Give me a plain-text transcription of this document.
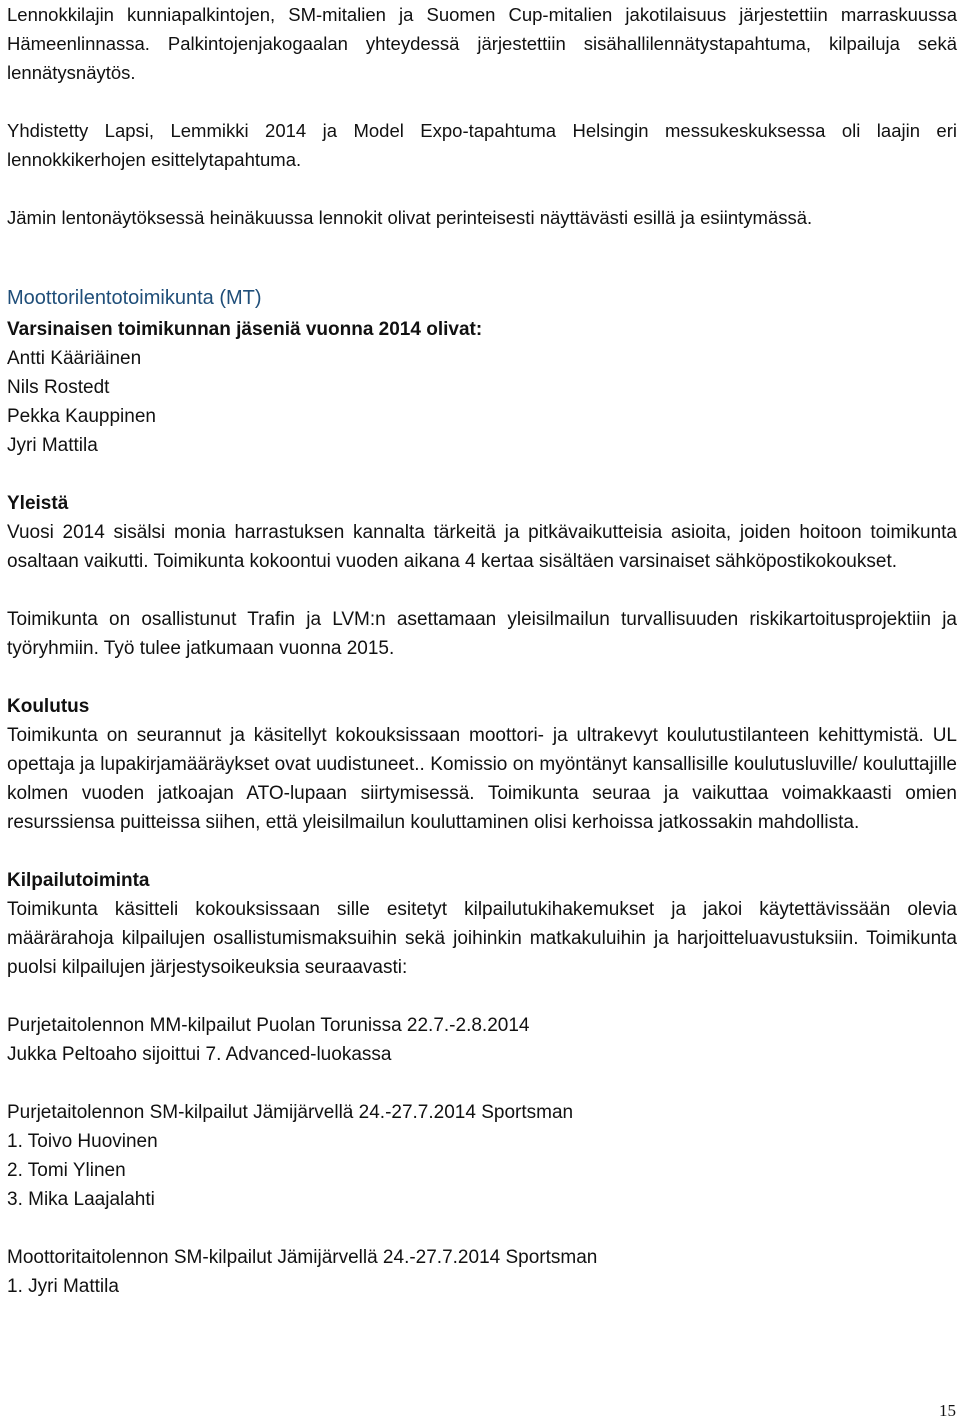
Lennokkilajin kunniapalkintojen, SM-mitalien ja Suomen Cup-mitalien jakotilaisuus järjestettiin marraskuussa Hämeenlinnassa. Palkintojenjakogaalan yhteydessä järjestettiin sisähallilennätystapahtuma, kilpailuja sekä lennätysnäytös.

Yhdistetty Lapsi, Lemmikki 2014 ja Model Expo-tapahtuma Helsingin messukeskuksessa oli laajin eri lennokkikerhojen esittelytapahtuma.

Jämin lentonäytöksessä heinäkuussa lennokit olivat perinteisesti näyttävästi esillä ja esiintymässä.

Moottorilentotoimikunta (MT)

Varsinaisen toimikunnan jäseniä vuonna 2014 olivat:

Antti Kääriäinen
Nils Rostedt
Pekka Kauppinen
Jyri Mattila

Yleistä

Vuosi 2014 sisälsi monia harrastuksen kannalta tärkeitä ja pitkävaikutteisia asioita, joiden hoitoon toimikunta osaltaan vaikutti. Toimikunta kokoontui vuoden aikana 4 kertaa sisältäen varsinaiset sähköpostikokoukset.

Toimikunta on osallistunut Trafin ja LVM:n asettamaan yleisilmailun turvallisuuden riskikartoitusprojektiin ja työryhmiin. Työ tulee jatkumaan vuonna 2015.

Koulutus

Toimikunta on seurannut ja käsitellyt kokouksissaan moottori- ja ultrakevyt koulutustilanteen kehittymistä. UL opettaja ja lupakirjamääräykset ovat uudistuneet.. Komissio on myöntänyt kansallisille koulutusluville/ kouluttajille kolmen vuoden jatkoajan ATO-lupaan siirtymisessä. Toimikunta seuraa ja vaikuttaa voimakkaasti omien resurssiensa puitteissa siihen, että yleisilmailun kouluttaminen olisi kerhoissa jatkossakin mahdollista.

Kilpailutoiminta

Toimikunta käsitteli kokouksissaan sille esitetyt kilpailutukihakemukset ja jakoi käytettävissään olevia määrärahoja kilpailujen osallistumismaksuihin sekä joihinkin matkakuluihin ja harjoitteluavustuksiin. Toimikunta puolsi kilpailujen järjestysoikeuksia seuraavasti:

Purjetaitolennon MM-kilpailut Puolan Torunissa 22.7.-2.8.2014
Jukka Peltoaho sijoittui 7. Advanced-luokassa
Purjetaitolennon SM-kilpailut Jämijärvellä 24.-27.7.2014 Sportsman
1. Toivo Huovinen
2. Tomi Ylinen
3. Mika Laajalahti
Moottoritaitolennon SM-kilpailut Jämijärvellä 24.-27.7.2014 Sportsman
1. Jyri Mattila
15
